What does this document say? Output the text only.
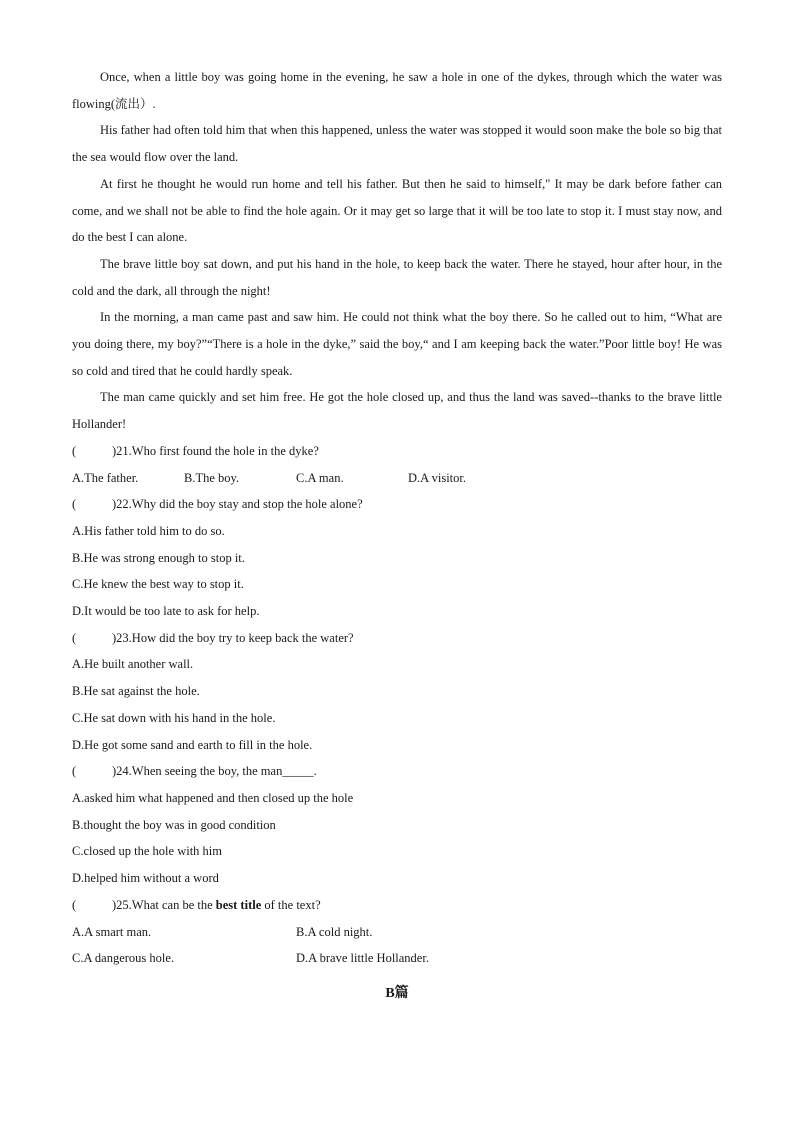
Once, when a little boy was going home in the evening, he saw a hole in one of the dykes, through which the water was flowing(流出）.

His father had often told him that when this happened, unless the water was stopped it would soon make the bole so big that the sea would flow over the land.

At first he thought he would run home and tell his father. But then he said to himself," It may be dark before father can come, and we shall not be able to find the hole again. Or it may get so large that it will be too late to stop it. I must stay now, and do the best I can alone.

The brave little boy sat down, and put his hand in the hole, to keep back the water. There he stayed, hour after hour, in the cold and the dark, all through the night!

In the morning, a man came past and saw him. He could not think what the boy there. So he called out to him, “What are you doing there, my boy?”“There is a hole in the dyke,” said the boy,“ and I am keeping back the water.”Poor little boy! He was so cold and tired that he could hardly speak.

The man came quickly and set him free. He got the hole closed up, and thus the land was saved--thanks to the brave little Hollander!

(	)21.Who first found the hole in the dyke?

A.The father.	B.The boy.	C.A man.	D.A visitor.

(	)22.Why did the boy stay and stop the hole alone?

A.His father told him to do so.

B.He was strong enough to stop it.

C.He knew the best way to stop it.

D.It would be too late to ask for help.

(	)23.How did the boy try to keep back the water?

A.He built another wall.

B.He sat against the hole.

C.He sat down with his hand in the hole.

D.He got some sand and earth to fill in the hole.

(	)24.When seeing the boy, the man_____.

A.asked him what happened and then closed up the hole

B.thought the boy was in good condition

C.closed up the hole with him

D.helped him without a word

(	)25.What can be the best title of the text?

A.A smart man.	B.A cold night.
C.A dangerous hole.	D.A brave little Hollander.
B篇
